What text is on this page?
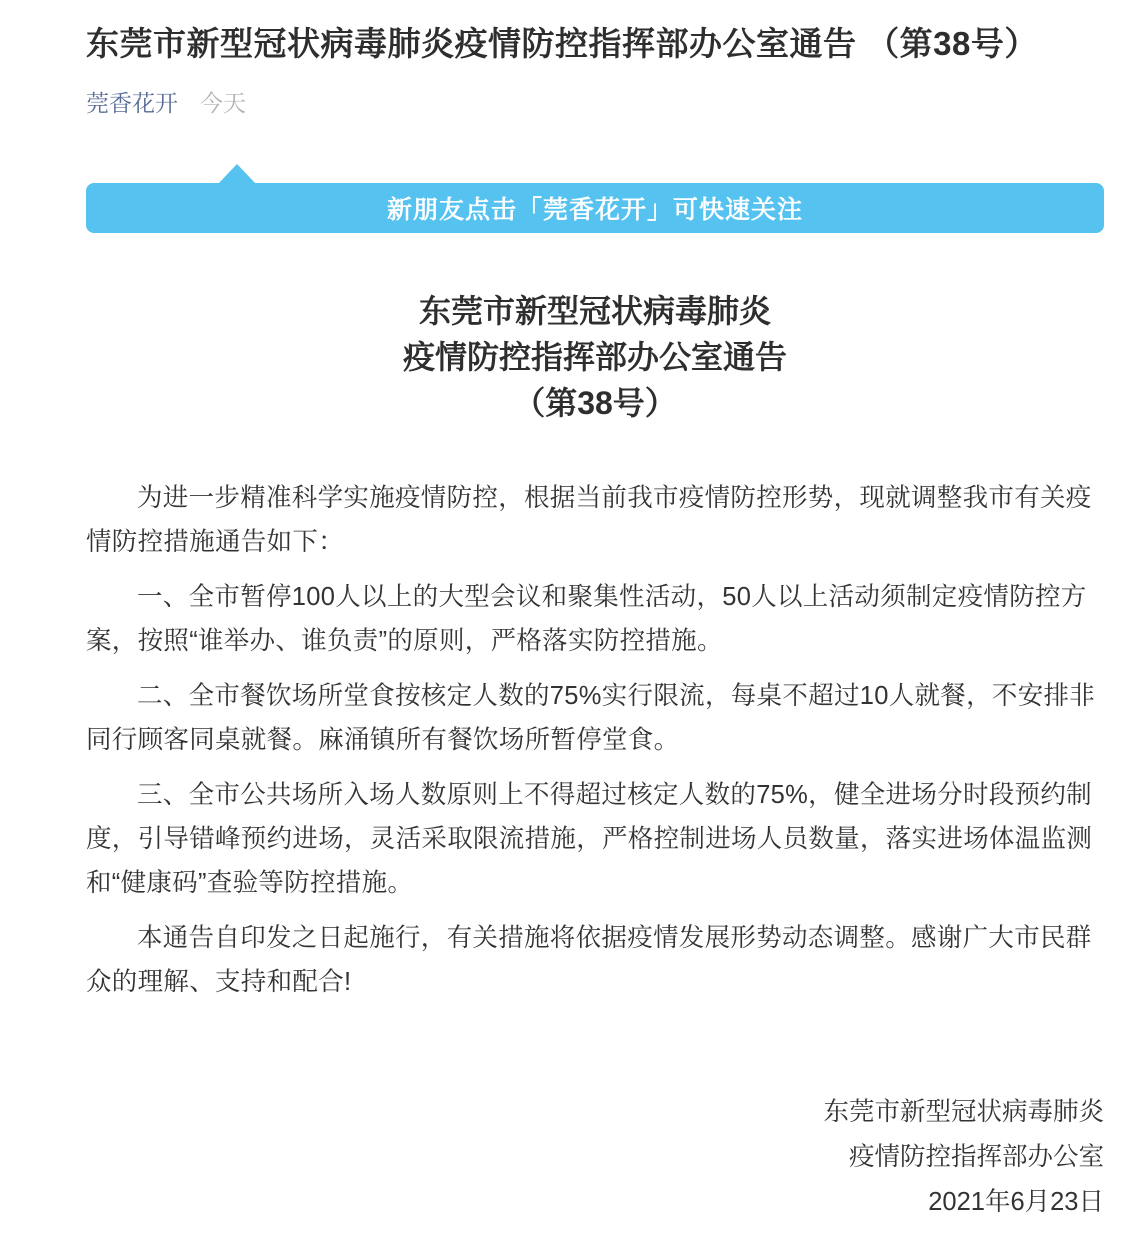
东莞市新型冠状病毒肺炎疫情防控指挥部办公室通告 （第38号）
莞香花开 今天
新朋友点击「莞香花开」可快速关注
东莞市新型冠状病毒肺炎
疫情防控指挥部办公室通告
（第38号）

为进一步精准科学实施疫情防控，根据当前我市疫情防控形势，现就调整我市有关疫情防控措施通告如下：

一、全市暂停100人以上的大型会议和聚集性活动，50人以上活动须制定疫情防控方案，按照“谁举办、谁负责”的原则，严格落实防控措施。

二、全市餐饮场所堂食按核定人数的75%实行限流，每桌不超过10人就餐，不安排非同行顾客同桌就餐。麻涌镇所有餐饮场所暂停堂食。

三、全市公共场所入场人数原则上不得超过核定人数的75%，健全进场分时段预约制度，引导错峰预约进场，灵活采取限流措施，严格控制进场人员数量，落实进场体温监测和“健康码”查验等防控措施。

本通告自印发之日起施行，有关措施将依据疫情发展形势动态调整。感谢广大市民群众的理解、支持和配合!

东莞市新型冠状病毒肺炎
疫情防控指挥部办公室
2021年6月23日
